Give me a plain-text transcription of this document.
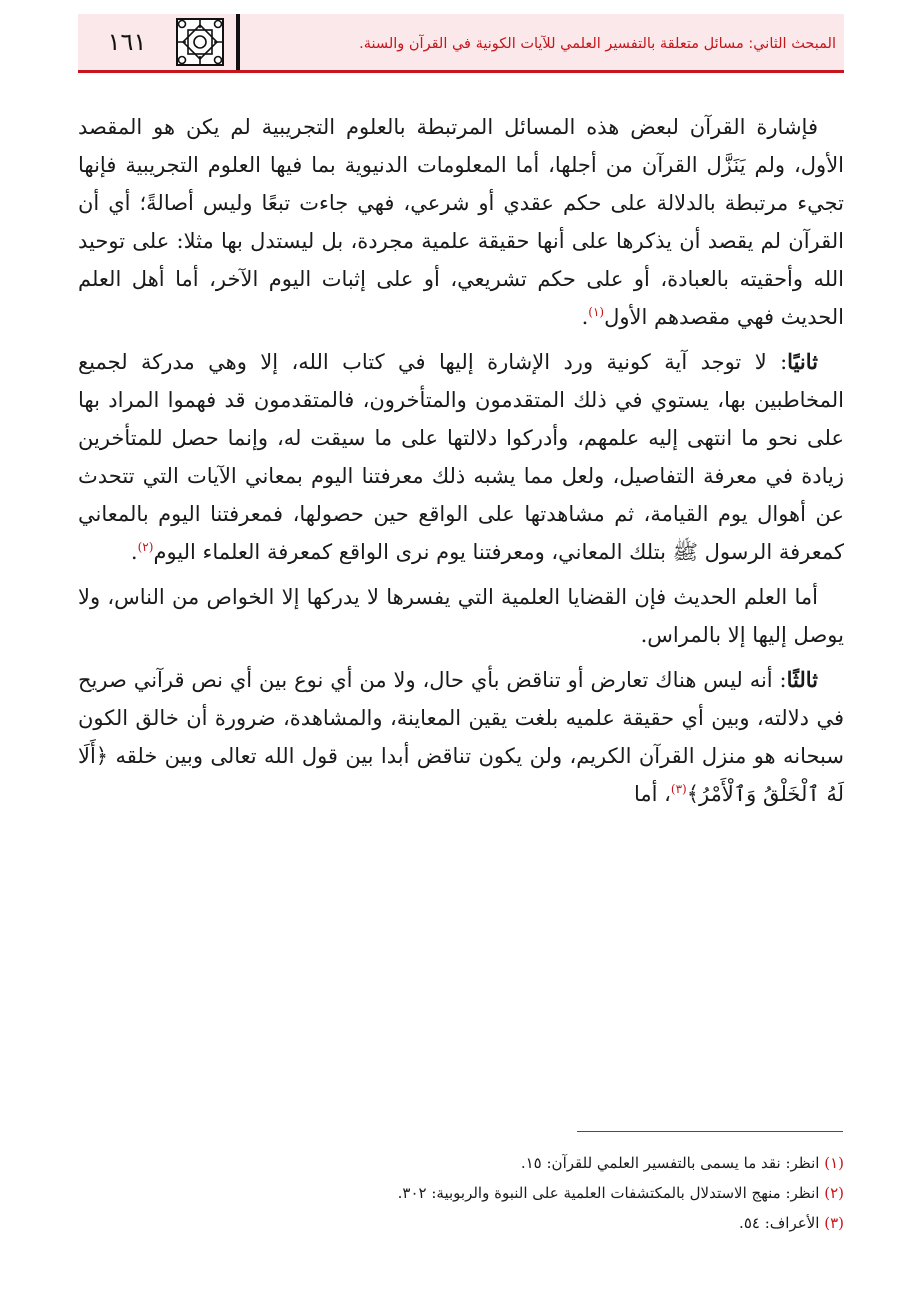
١٦١	المبحث الثاني: مسائل متعلقة بالتفسير العلمي للآيات الكونية في القرآن والسنة.

فإشارة القرآن لبعض هذه المسائل المرتبطة بالعلوم التجريبية لم يكن هو المقصد الأول، ولم يَنَزَّل القرآن من أجلها، أما المعلومات الدنيوية بما فيها العلوم التجريبية فإنها تجيء مرتبطة بالدلالة على حكم عقدي أو شرعي، فهي جاءت تبعًا وليس أصالةً؛ أي أن القرآن لم يقصد أن يذكرها على أنها حقيقة علمية مجردة، بل ليستدل بها مثلا: على توحيد الله وأحقيته بالعبادة، أو على حكم تشريعي، أو على إثبات اليوم الآخر، أما أهل العلم الحديث فهي مقصدهم الأول$^{(١)}$.

ثانيًا: لا توجد آية كونية ورد الإشارة إليها في كتاب الله، إلا وهي مدركة لجميع المخاطبين بها، يستوي في ذلك المتقدمون والمتأخرون، فالمتقدمون قد فهموا المراد بها على نحو ما انتهى إليه علمهم، وأدركوا دلالتها على ما سيقت له، وإنما حصل للمتأخرين زيادة في معرفة التفاصيل، ولعل مما يشبه ذلك معرفتنا اليوم بمعاني الآيات التي تتحدث عن أهوال يوم القيامة، ثم مشاهدتها على الواقع حين حصولها، فمعرفتنا اليوم بالمعاني كمعرفة الرسول ﷺ بتلك المعاني، ومعرفتنا يوم نرى الواقع كمعرفة العلماء اليوم$^{(٢)}$.

أما العلم الحديث فإن القضايا العلمية التي يفسرها لا يدركها إلا الخواص من الناس، ولا يوصل إليها إلا بالمراس.

ثالثًا: أنه ليس هناك تعارض أو تناقض بأي حال، ولا من أي نوع بين أي نص قرآني صريح في دلالته، وبين أي حقيقة علميه بلغت يقين المعاينة، والمشاهدة، ضرورة أن خالق الكون سبحانه هو منزل القرآن الكريم، ولن يكون تناقض أبدا بين قول الله تعالى وبين خلقه ﴿أَلَا لَهُ ٱلْخَلْقُ وَٱلْأَمْرُ﴾$^{(٣)}$، أما

(١) انظر: نقد ما يسمى بالتفسير العلمي للقرآن: ١٥.

(٢) انظر: منهج الاستدلال بالمكتشفات العلمية على النبوة والربوبية: ٣٠٢.

(٣) الأعراف: ٥٤.
